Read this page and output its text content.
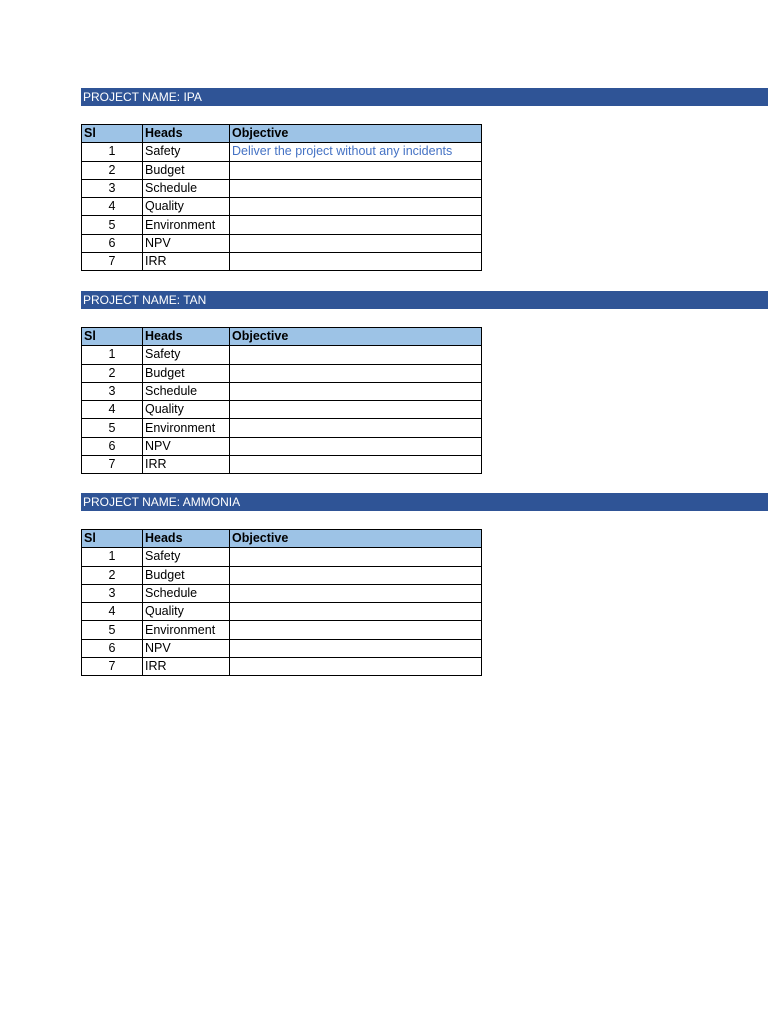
PROJECT NAME: IPA
Sl	Heads	Objective
1	Safety	Deliver the project without any incidents
2	Budget	
3	Schedule	
4	Quality	
5	Environment	
6	NPV	
7	IRR	
PROJECT NAME: TAN
Sl	Heads	Objective
1	Safety	
2	Budget	
3	Schedule	
4	Quality	
5	Environment	
6	NPV	
7	IRR	
PROJECT NAME: AMMONIA
Sl	Heads	Objective
1	Safety	
2	Budget	
3	Schedule	
4	Quality	
5	Environment	
6	NPV	
7	IRR	
